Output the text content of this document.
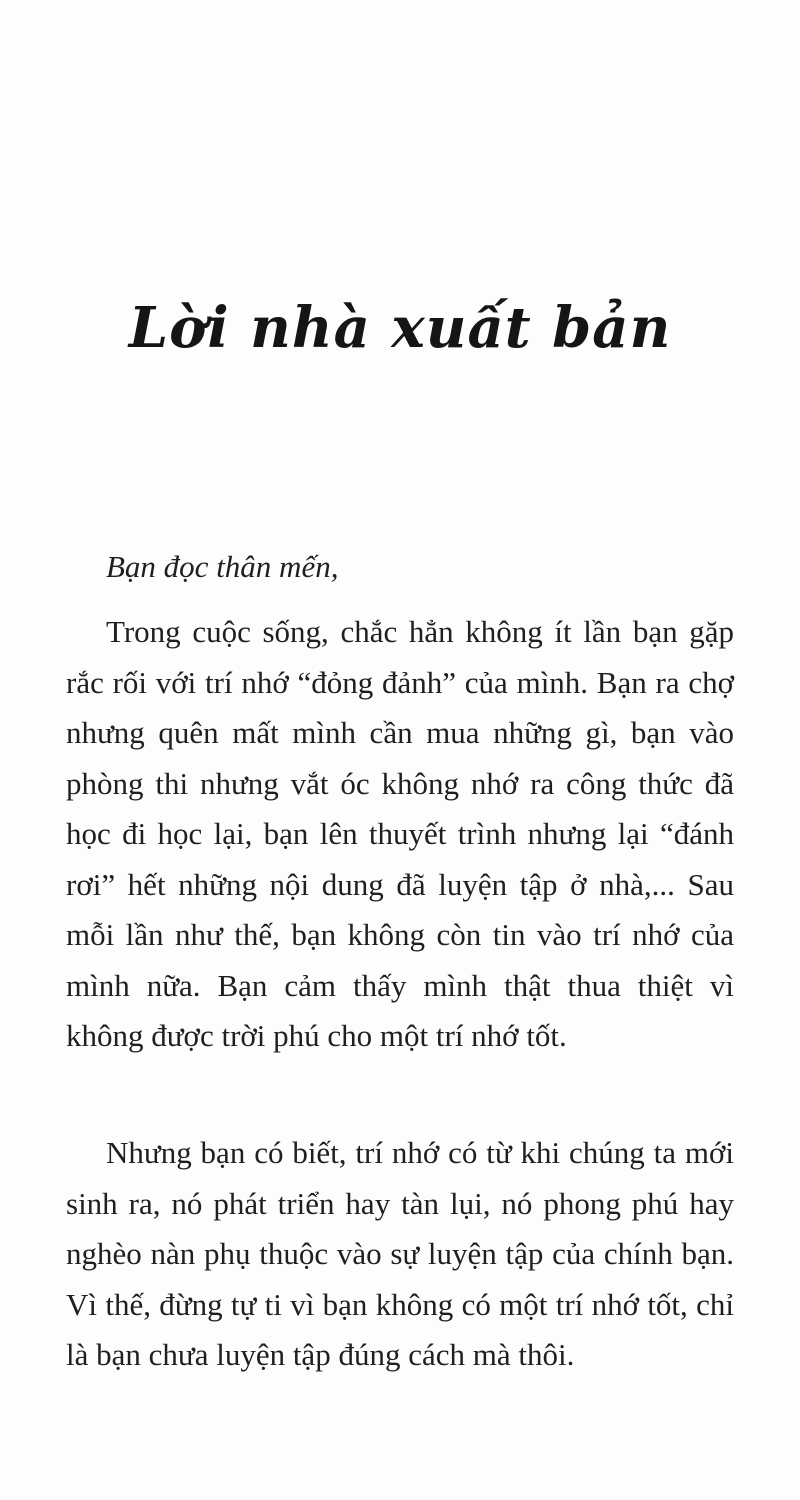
Lời nhà xuất bản
Bạn đọc thân mến,

Trong cuộc sống, chắc hẳn không ít lần bạn gặp rắc rối với trí nhớ “đỏng đảnh” của mình. Bạn ra chợ nhưng quên mất mình cần mua những gì, bạn vào phòng thi nhưng vắt óc không nhớ ra công thức đã học đi học lại, bạn lên thuyết trình nhưng lại “đánh rơi” hết những nội dung đã luyện tập ở nhà,... Sau mỗi lần như thế, bạn không còn tin vào trí nhớ của mình nữa. Bạn cảm thấy mình thật thua thiệt vì không được trời phú cho một trí nhớ tốt.

Nhưng bạn có biết, trí nhớ có từ khi chúng ta mới sinh ra, nó phát triển hay tàn lụi, nó phong phú hay nghèo nàn phụ thuộc vào sự luyện tập của chính bạn. Vì thế, đừng tự ti vì bạn không có một trí nhớ tốt, chỉ là bạn chưa luyện tập đúng cách mà thôi.
